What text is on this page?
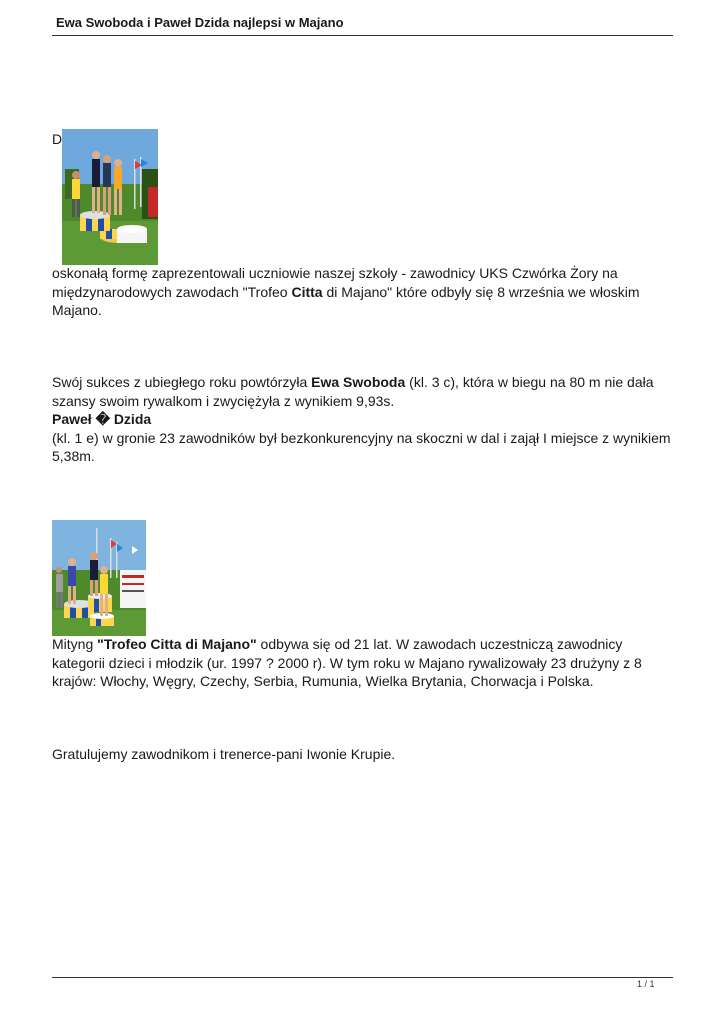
Ewa Swoboda i Paweł Dzida najlepsi w Majano
D
oskonałą formę zaprezentowali uczniowie naszej szkoły - zawodnicy UKS Czwórka Żory na międzynarodowych zawodach "Trofeo Citta di Majano" które odbyły się 8 września we włoskim Majano.
Swój sukces z ubiegłego roku powtórzyła Ewa Swoboda (kl. 3 c), która w biegu na 80 m nie dała szansy swoim rywalkom i zwyciężyła z wynikiem 9,93s.
Paweł � Dzida
(kl. 1 e) w gronie 23 zawodników był bezkonkurencyjny na skoczni w dal i zajął I miejsce z wynikiem 5,38m.
Mityng "Trofeo Citta di Majano" odbywa się od 21 lat. W zawodach uczestniczą zawodnicy kategorii dzieci i młodzik (ur. 1997 ? 2000 r). W tym roku w Majano rywalizowały 23 drużyny z 8 krajów: Włochy, Węgry, Czechy, Serbia, Rumunia, Wielka Brytania, Chorwacja i Polska.
Gratulujemy zawodnikom i trenerce-pani Iwonie Krupie.
1 / 1
